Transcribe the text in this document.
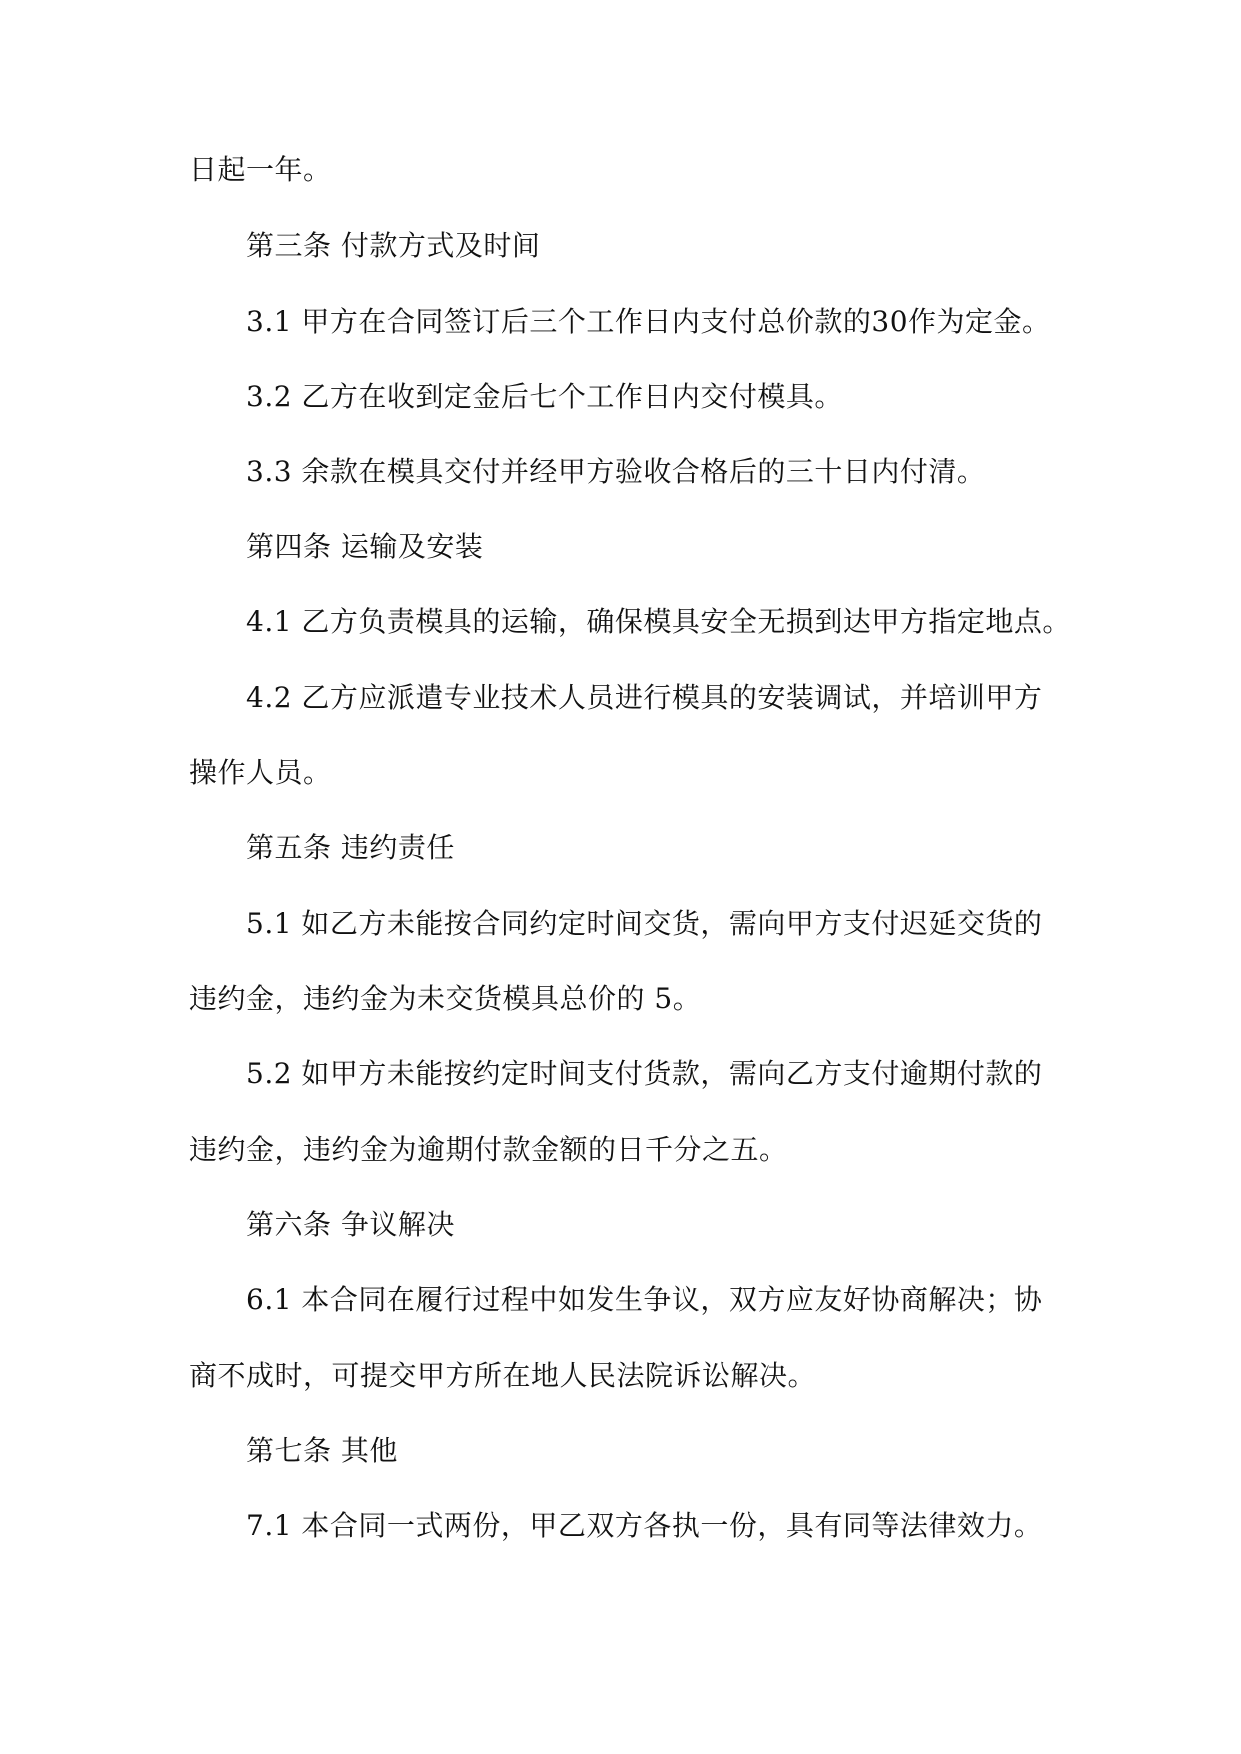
日起一年。
第三条 付款方式及时间
3.1 甲方在合同签订后三个工作日内支付总价款的30作为定金。
3.2 乙方在收到定金后七个工作日内交付模具。
3.3 余款在模具交付并经甲方验收合格后的三十日内付清。
第四条 运输及安装
4.1 乙方负责模具的运输，确保模具安全无损到达甲方指定地点。
4.2 乙方应派遣专业技术人员进行模具的安装调试，并培训甲方
操作人员。
第五条 违约责任
5.1 如乙方未能按合同约定时间交货，需向甲方支付迟延交货的
违约金，违约金为未交货模具总价的 5。
5.2 如甲方未能按约定时间支付货款，需向乙方支付逾期付款的
违约金，违约金为逾期付款金额的日千分之五。
第六条 争议解决
6.1 本合同在履行过程中如发生争议，双方应友好协商解决；协
商不成时，可提交甲方所在地人民法院诉讼解决。
第七条 其他
7.1 本合同一式两份，甲乙双方各执一份，具有同等法律效力。
